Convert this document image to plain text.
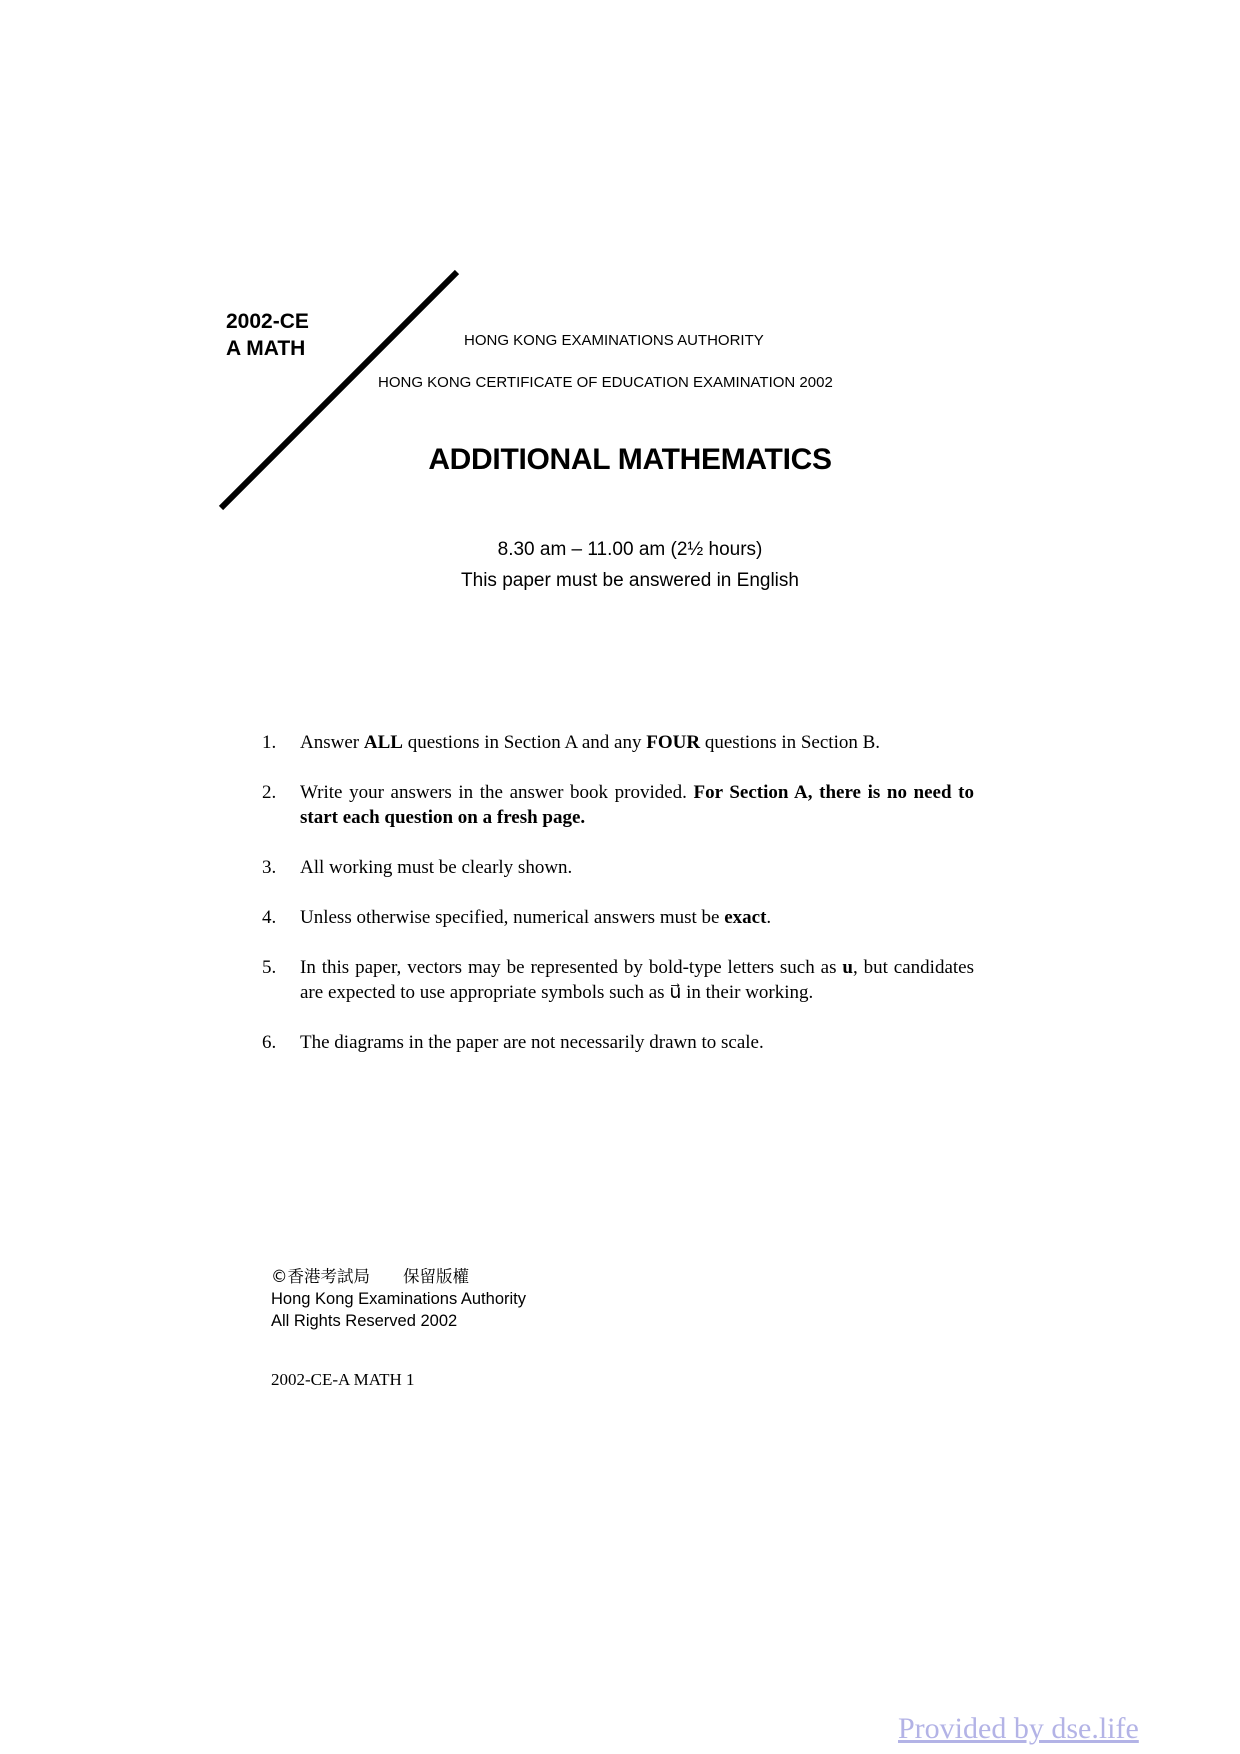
2002-CE
A MATH	HONG KONG EXAMINATIONS AUTHORITY
HONG KONG CERTIFICATE OF EDUCATION EXAMINATION 2002
ADDITIONAL MATHEMATICS
8.30 am – 11.00 am (2½ hours)
This paper must be answered in English
1. Answer ALL questions in Section A and any FOUR questions in Section B.
2. Write your answers in the answer book provided. For Section A, there is no need to start each question on a fresh page.
3. All working must be clearly shown.
4. Unless otherwise specified, numerical answers must be exact.
5. In this paper, vectors may be represented by bold-type letters such as u, but candidates are expected to use appropriate symbols such as u⃗ in their working.
6. The diagrams in the paper are not necessarily drawn to scale.
©香港考試局　　保留版權
Hong Kong Examinations Authority
All Rights Reserved 2002
2002-CE-A MATH 1
Provided by dse.life
